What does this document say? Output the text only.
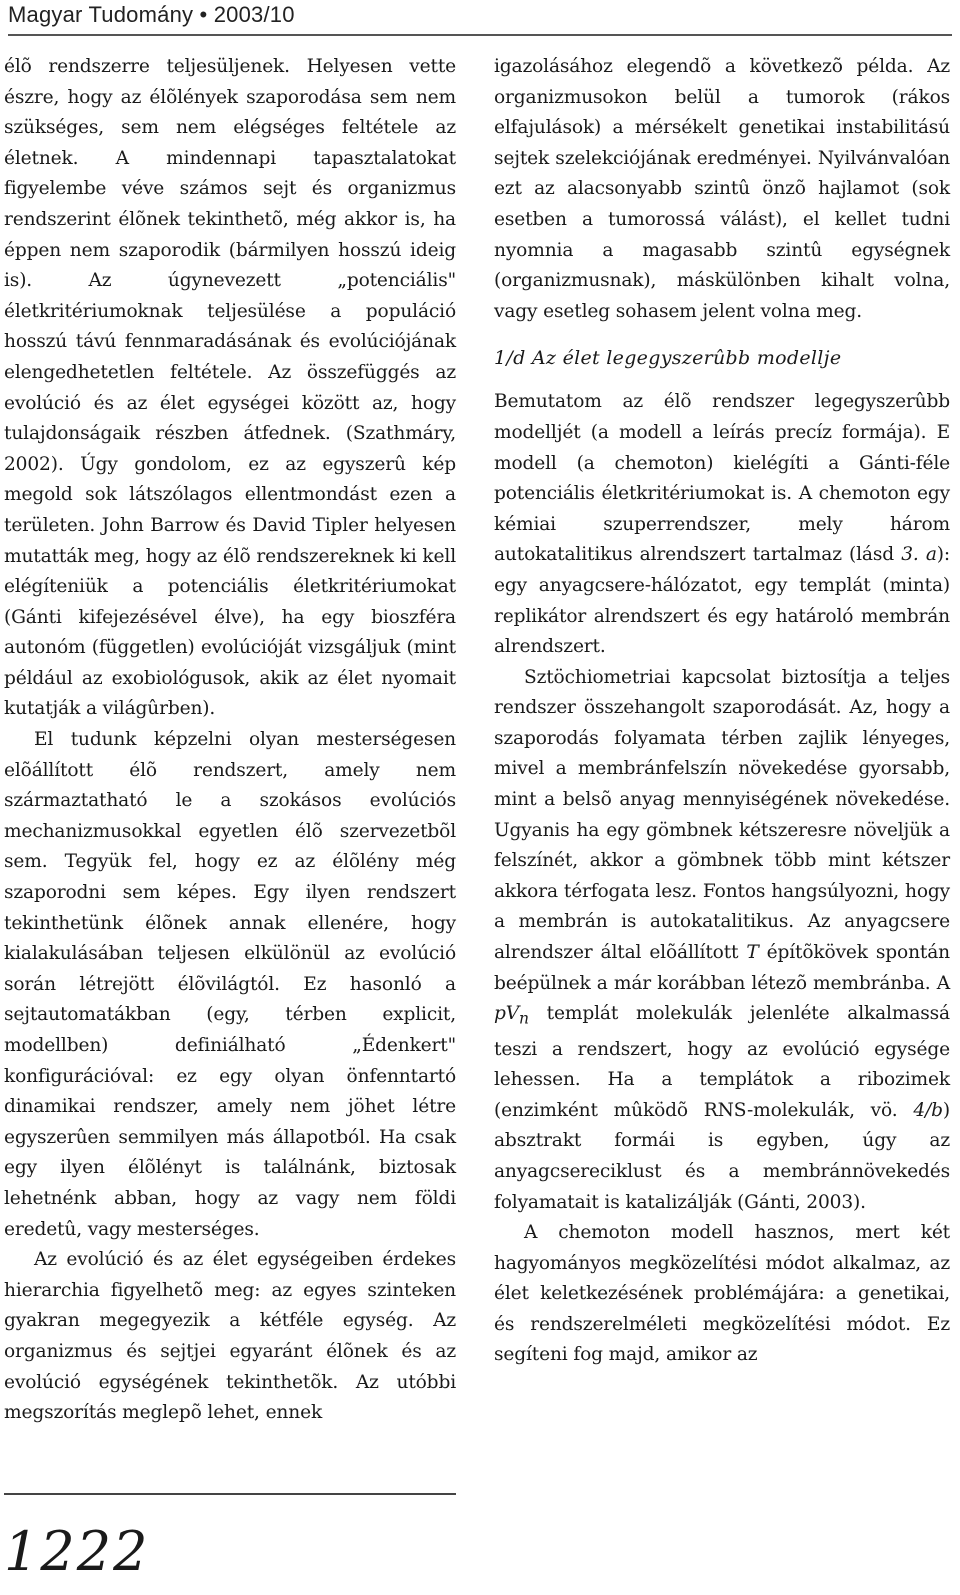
Magyar Tudomány • 2003/10

élõ rendszerre teljesüljenek. Helyesen vette észre, hogy az élõlények szaporodása sem nem szükséges, sem nem elégséges feltétele az életnek. A mindennapi tapasztalatokat figyelembe véve számos sejt és organizmus rendszerint élõnek tekinthetõ, még akkor is, ha éppen nem szaporodik (bármilyen hosszú ideig is). Az úgynevezett „potenciális" életkritériumoknak teljesülése a populáció hosszú távú fennmaradásának és evolúciójának elengedhetetlen feltétele. Az összefüggés az evolúció és az élet egységei között az, hogy tulajdonságaik részben átfednek. (Szathmáry, 2002). Úgy gondolom, ez az egyszerû kép megold sok látszólagos ellentmondást ezen a területen. John Barrow és David Tipler helyesen mutatták meg, hogy az élõ rendszereknek ki kell elégíteniük a potenciális életkritériumokat (Gánti kifejezésével élve), ha egy bioszféra autonóm (független) evolúcióját vizsgáljuk (mint például az exobiológusok, akik az élet nyomait kutatják a világûrben).

El tudunk képzelni olyan mesterségesen elõállított élõ rendszert, amely nem származtatható le a szokásos evolúciós mechanizmusokkal egyetlen élõ szervezetbõl sem. Tegyük fel, hogy ez az élõlény még szaporodni sem képes. Egy ilyen rendszert tekinthetünk élõnek annak ellenére, hogy kialakulásában teljesen elkülönül az evolúció során létrejött élõvilágtól. Ez hasonló a sejtautomatákban (egy, térben explicit, modellben) definiálható „Édenkert" konfigurációval: ez egy olyan önfenntartó dinamikai rendszer, amely nem jöhet létre egyszerûen semmilyen más állapotból. Ha csak egy ilyen élõlényt is találnánk, biztosak lehetnénk abban, hogy az vagy nem földi eredetû, vagy mesterséges.

Az evolúció és az élet egységeiben érdekes hierarchia figyelhetõ meg: az egyes szinteken gyakran megegyezik a kétféle egység. Az organizmus és sejtjei egyaránt élõnek és az evolúció egységének tekinthetõk. Az utóbbi megszorítás meglepõ lehet, ennek

igazolásához elegendõ a következõ példa. Az organizmusokon belül a tumorok (rákos elfajulások) a mérsékelt genetikai instabilitású sejtek szelekciójának eredményei. Nyilvánvalóan ezt az alacsonyabb szintû önzõ hajlamot (sok esetben a tumorossá válást), el kellet tudni nyomnia a magasabb szintû egységnek (organizmusnak), máskülönben kihalt volna, vagy esetleg sohasem jelent volna meg.

1/d Az élet legegyszerûbb modellje

Bemutatom az élõ rendszer legegyszerûbb modelljét (a modell a leírás precíz formája). E modell (a chemoton) kielégíti a Gánti-féle potenciális életkritériumokat is. A chemoton egy kémiai szuperrendszer, mely három autokatalitikus alrendszert tartalmaz (lásd 3. a): egy anyagcsere-hálózatot, egy templát (minta) replikátor alrendszert és egy határoló membrán alrendszert.

Sztöchiometriai kapcsolat biztosítja a teljes rendszer összehangolt szaporodását. Az, hogy a szaporodás folyamata térben zajlik lényeges, mivel a membránfelszín növekedése gyorsabb, mint a belsõ anyag mennyiségének növekedése. Ugyanis ha egy gömbnek kétszeresre növeljük a felszínét, akkor a gömbnek több mint kétszer akkora térfogata lesz. Fontos hangsúlyozni, hogy a membrán is autokatalitikus. Az anyagcsere alrendszer által elõállított T építõkövek spontán beépülnek a már korábban létezõ membránba. A $pV_n$ templát molekulák jelenléte alkalmassá teszi a rendszert, hogy az evolúció egysége lehessen. Ha a templátok a ribozimek (enzimként mûködõ RNS-molekulák, vö. 4/b) absztrakt formái is egyben, úgy az anyagcsereciklust és a membránnövekedés folyamatait is katalizálják (Gánti, 2003).

A chemoton modell hasznos, mert két hagyományos megközelítési módot alkalmaz, az élet keletkezésének problémájára: a genetikai, és rendszerelméleti megközelítési módot. Ez segíteni fog majd, amikor az

1222
